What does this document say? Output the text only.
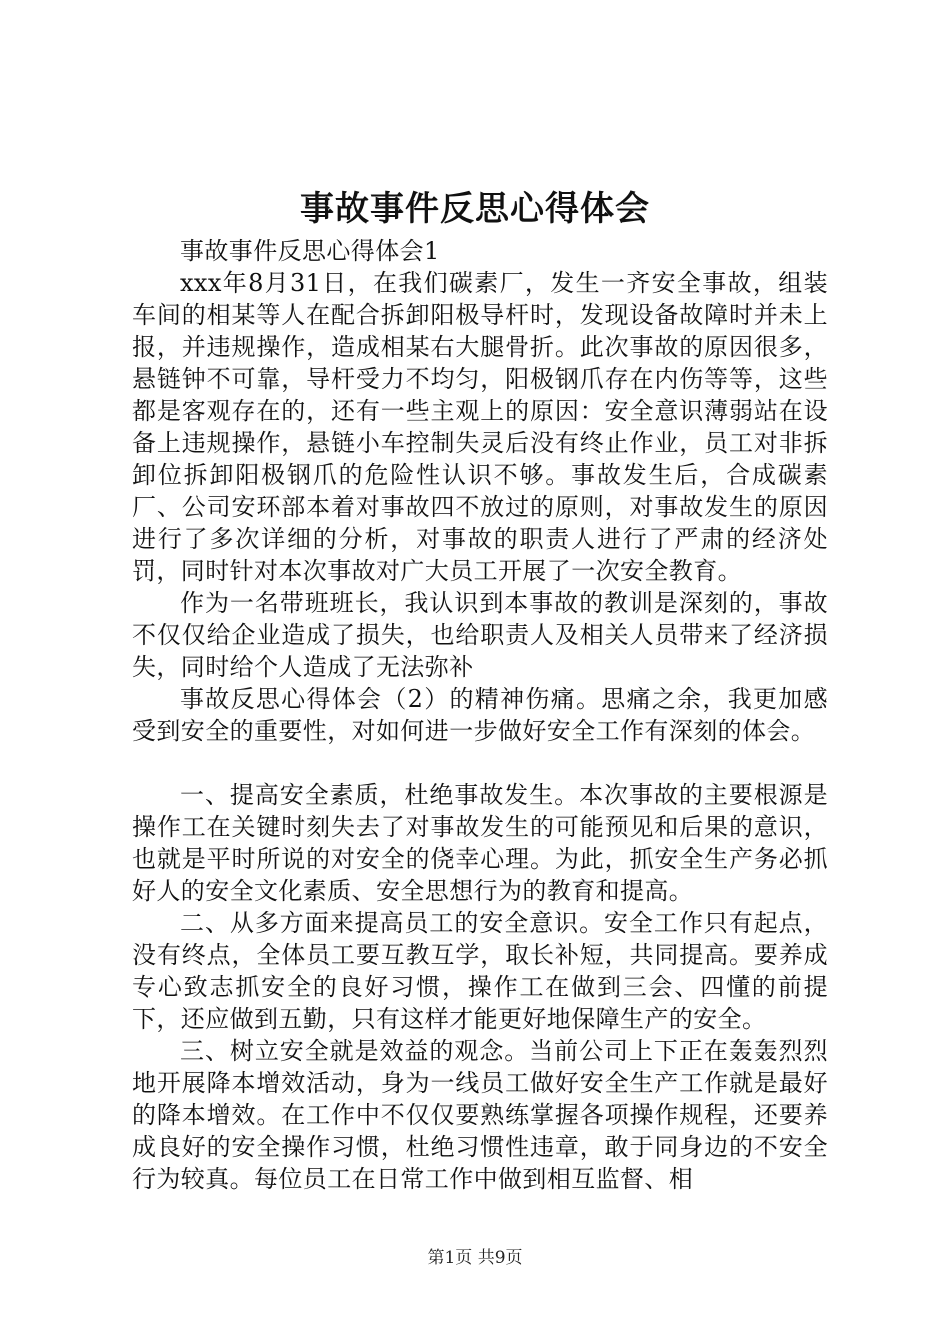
事故事件反思心得体会

事故事件反思心得体会1

xxx年8月31日，在我们碳素厂，发生一齐安全事故，组装车间的相某等人在配合拆卸阳极导杆时，发现设备故障时并未上报，并违规操作，造成相某右大腿骨折。此次事故的原因很多，悬链钟不可靠，导杆受力不均匀，阳极钢爪存在内伤等等，这些都是客观存在的，还有一些主观上的原因：安全意识薄弱站在设备上违规操作，悬链小车控制失灵后没有终止作业，员工对非拆卸位拆卸阳极钢爪的危险性认识不够。事故发生后，合成碳素厂、公司安环部本着对事故四不放过的原则，对事故发生的原因进行了多次详细的分析，对事故的职责人进行了严肃的经济处罚，同时针对本次事故对广大员工开展了一次安全教育。

作为一名带班班长，我认识到本事故的教训是深刻的，事故不仅仅给企业造成了损失，也给职责人及相关人员带来了经济损失，同时给个人造成了无法弥补

事故反思心得体会（2）的精神伤痛。思痛之余，我更加感受到安全的重要性，对如何进一步做好安全工作有深刻的体会。

一、提高安全素质，杜绝事故发生。本次事故的主要根源是操作工在关键时刻失去了对事故发生的可能预见和后果的意识，也就是平时所说的对安全的侥幸心理。为此，抓安全生产务必抓好人的安全文化素质、安全思想行为的教育和提高。

二、从多方面来提高员工的安全意识。安全工作只有起点，没有终点，全体员工要互教互学，取长补短，共同提高。要养成专心致志抓安全的良好习惯，操作工在做到三会、四懂的前提下，还应做到五勤，只有这样才能更好地保障生产的安全。

三、树立安全就是效益的观念。当前公司上下正在轰轰烈烈地开展降本增效活动，身为一线员工做好安全生产工作就是最好的降本增效。在工作中不仅仅要熟练掌握各项操作规程，还要养成良好的安全操作习惯，杜绝习惯性违章，敢于同身边的不安全行为较真。每位员工在日常工作中做到相互监督、相

第1页 共9页
